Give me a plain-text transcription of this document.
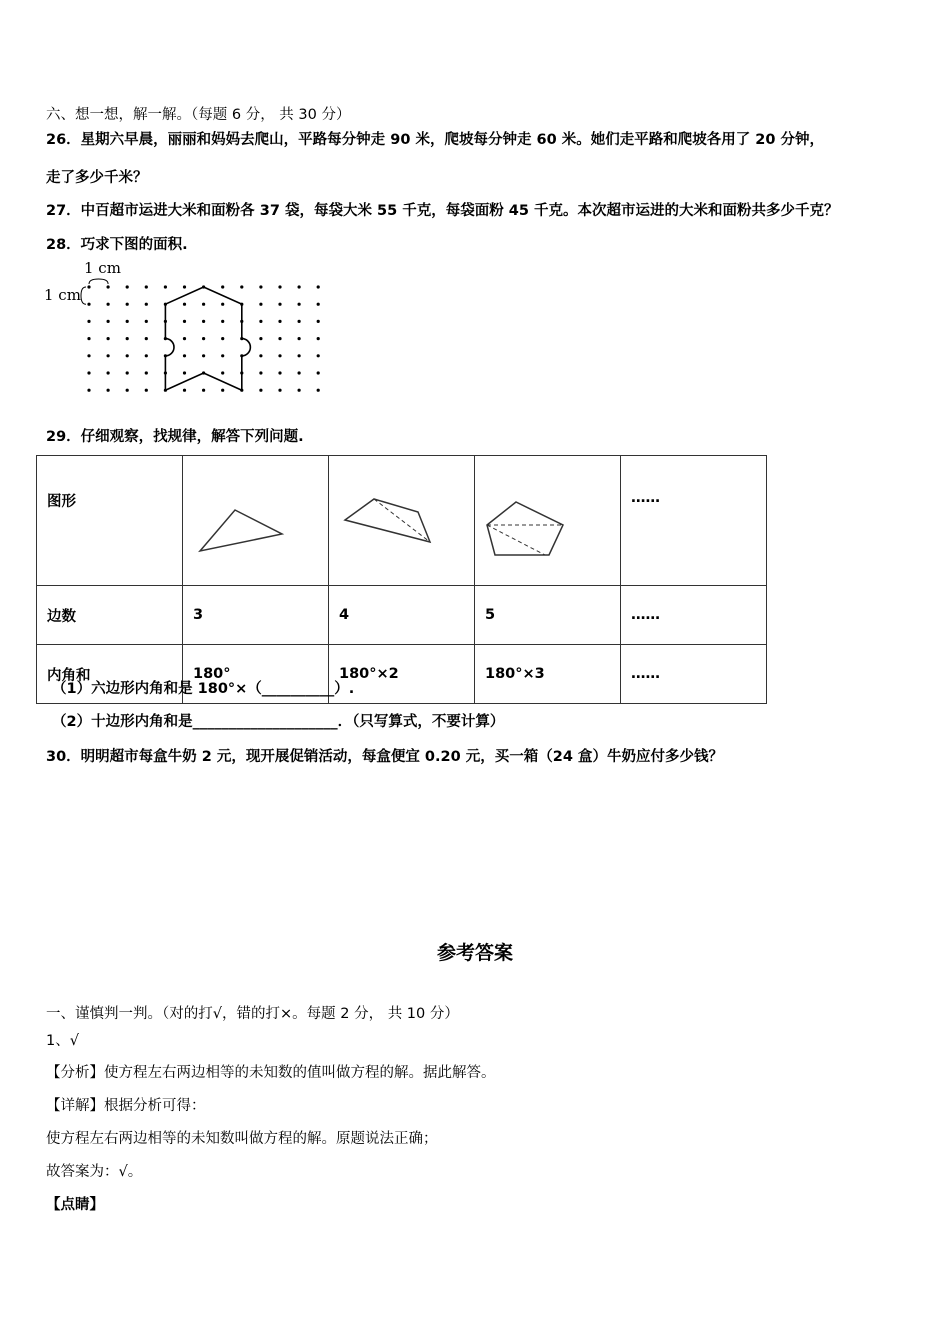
六、想一想，解一解。（每题 6 分， 共 30 分）
26．星期六早晨，丽丽和妈妈去爬山，平路每分钟走 90 米，爬坡每分钟走 60 米。她们走平路和爬坡各用了 20 分钟，
走了多少千米？
27．中百超市运进大米和面粉各 37 袋，每袋大米 55 千克，每袋面粉 45 千克。本次超市运进的大米和面粉共多少千克？
28．巧求下图的面积.
1 cm
1 cm
29．仔细观察，找规律，解答下列问题.
图形				……
边数	3	4	5	……
内角和	180°	180°×2	180°×3	……
（1）六边形内角和是 180°×（__________）.
（2）十边形内角和是____________________．（只写算式，不要计算）
30．明明超市每盒牛奶 2 元，现开展促销活动，每盒便宜 0.20 元，买一箱（24 盒）牛奶应付多少钱？
参考答案
一、谨慎判一判。（对的打√，错的打×。每题 2 分， 共 10 分）
1、√
【分析】使方程左右两边相等的未知数的值叫做方程的解。据此解答。
【详解】根据分析可得：
使方程左右两边相等的未知数叫做方程的解。原题说法正确；
故答案为：√。
【点睛】
